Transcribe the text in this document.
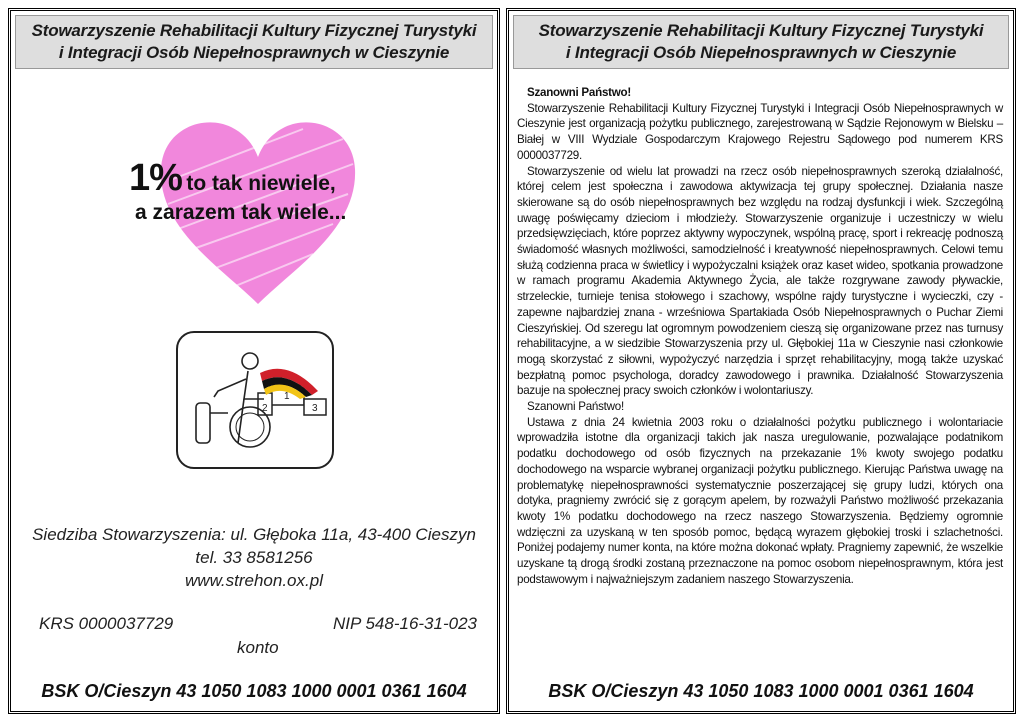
Stowarzyszenie Rehabilitacji Kultury Fizycznej Turystyki
i Integracji Osób Niepełnosprawnych w Cieszynie
1% to tak niewiele,
a zarazem tak wiele...
1
2	3
Siedziba Stowarzyszenia: ul. Głęboka 11a, 43-400 Cieszyn
tel. 33 8581256
www.strehon.ox.pl
KRS 0000037729	NIP 548-16-31-023
konto
BSK O/Cieszyn 43 1050 1083 1000 0001 0361 1604
Stowarzyszenie Rehabilitacji Kultury Fizycznej Turystyki
i Integracji Osób Niepełnosprawnych w Cieszynie

Szanowni Państwo!

Stowarzyszenie Rehabilitacji Kultury Fizycznej Turystyki i Integracji Osób Niepełnosprawnych w Cieszynie jest organizacją pożytku publicznego, zarejestrowaną w Sądzie Rejonowym w Bielsku – Białej w VIII Wydziale Gospodarczym Krajowego Rejestru Sądowego pod numerem KRS 0000037729.

Stowarzyszenie od wielu lat prowadzi na rzecz osób niepełnosprawnych szeroką działalność, której celem jest społeczna i zawodowa aktywizacja tej grupy społecznej. Działania nasze skierowane są do osób niepełnosprawnych bez względu na rodzaj dysfunkcji i wiek. Szczególną uwagę poświęcamy dzieciom i młodzieży. Stowarzyszenie organizuje i uczestniczy w wielu przedsięwzięciach, które poprzez aktywny wypoczynek, wspólną pracę, sport i rekreację podnoszą świadomość własnych możliwości, samodzielność i kreatywność niepełnosprawnych. Celowi temu służą codzienna praca w świetlicy i wypożyczalni książek oraz kaset wideo, spotkania prowadzone w ramach programu Akademia Aktywnego Życia, ale także rozgrywane zawody pływackie, strzeleckie, turnieje tenisa stołowego i szachowy, wspólne rajdy turystyczne i wycieczki, czy - zapewne najbardziej znana - wrześniowa Spartakiada Osób Niepełnosprawnych o Puchar Ziemi Cieszyńskiej. Od szeregu lat ogromnym powodzeniem cieszą się organizowane przez nas turnusy rehabilitacyjne, a w siedzibie Stowarzyszenia przy ul. Głębokiej 11a w Cieszynie nasi członkowie mogą skorzystać z siłowni, wypożyczyć narzędzia i sprzęt rehabilitacyjny, mogą także uzyskać bezpłatną pomoc psychologa, doradcy zawodowego i prawnika. Działalność Stowarzyszenia bazuje na społecznej pracy swoich członków i wolontariuszy.

Szanowni Państwo!

Ustawa z dnia 24 kwietnia 2003 roku o działalności pożytku publicznego i wolontariacie wprowadziła istotne dla organizacji takich jak nasza uregulowanie, pozwalające podatnikom podatku dochodowego od osób fizycznych na przekazanie 1% kwoty swojego podatku dochodowego na wsparcie wybranej organizacji pożytku publicznego. Kierując Państwa uwagę na problematykę niepełnosprawności systematycznie poszerzającej się grupy ludzi, których ona dotyka, pragniemy zwrócić się z gorącym apelem, by rozważyli Państwo możliwość przekazania kwoty 1% podatku dochodowego na rzecz naszego Stowarzyszenia. Będziemy ogromnie wdzięczni za uzyskaną w ten sposób pomoc, będącą wyrazem głębokiej troski i szlachetności. Poniżej podajemy numer konta, na które można dokonać wpłaty. Pragniemy zapewnić, że wszelkie uzyskane tą drogą środki zostaną przeznaczone na pomoc osobom niepełnosprawnym, która jest podstawowym i najważniejszym zadaniem naszego Stowarzyszenia.

BSK O/Cieszyn 43 1050 1083 1000 0001 0361 1604
